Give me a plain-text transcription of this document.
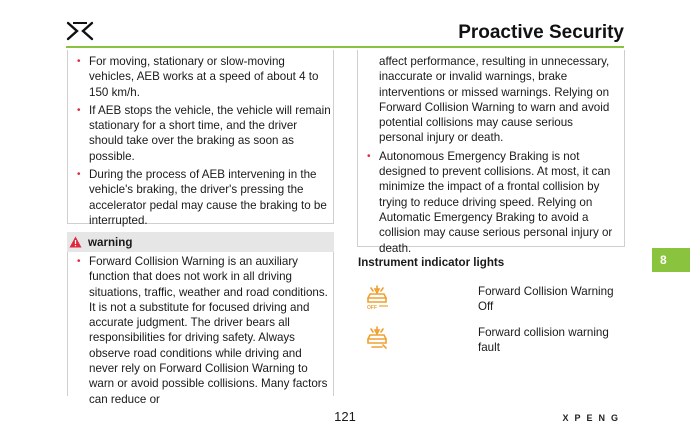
Proactive Security
• For moving, stationary or slow-moving vehicles, AEB works at a speed of about 4 to 150 km/h.
• If AEB stops the vehicle, the vehicle will remain stationary for a short time, and the driver should take over the braking as soon as possible.
• During the process of AEB intervening in the vehicle's braking, the driver's pressing the accelerator pedal may cause the braking to be interrupted.
warning
• Forward Collision Warning is an auxiliary function that does not work in all driving situations, traffic, weather and road conditions. It is not a substitute for focused driving and accurate judgment. The driver bears all responsibilities for driving safety. Always observe road conditions while driving and never rely on Forward Collision Warning to warn or avoid possible collisions. Many factors can reduce or
affect performance, resulting in unnecessary, inaccurate or invalid warnings, brake interventions or missed warnings. Relying on Forward Collision Warning to warn and avoid potential collisions may cause serious personal injury or death.
• Autonomous Emergency Braking is not designed to prevent collisions. At most, it can minimize the impact of a frontal collision by trying to reduce driving speed. Relying on Automatic Emergency Braking to avoid a collision may cause serious personal injury or death.
Instrument indicator lights
OFF
Forward Collision Warning Off
Forward collision warning fault
8
121	XPENG
